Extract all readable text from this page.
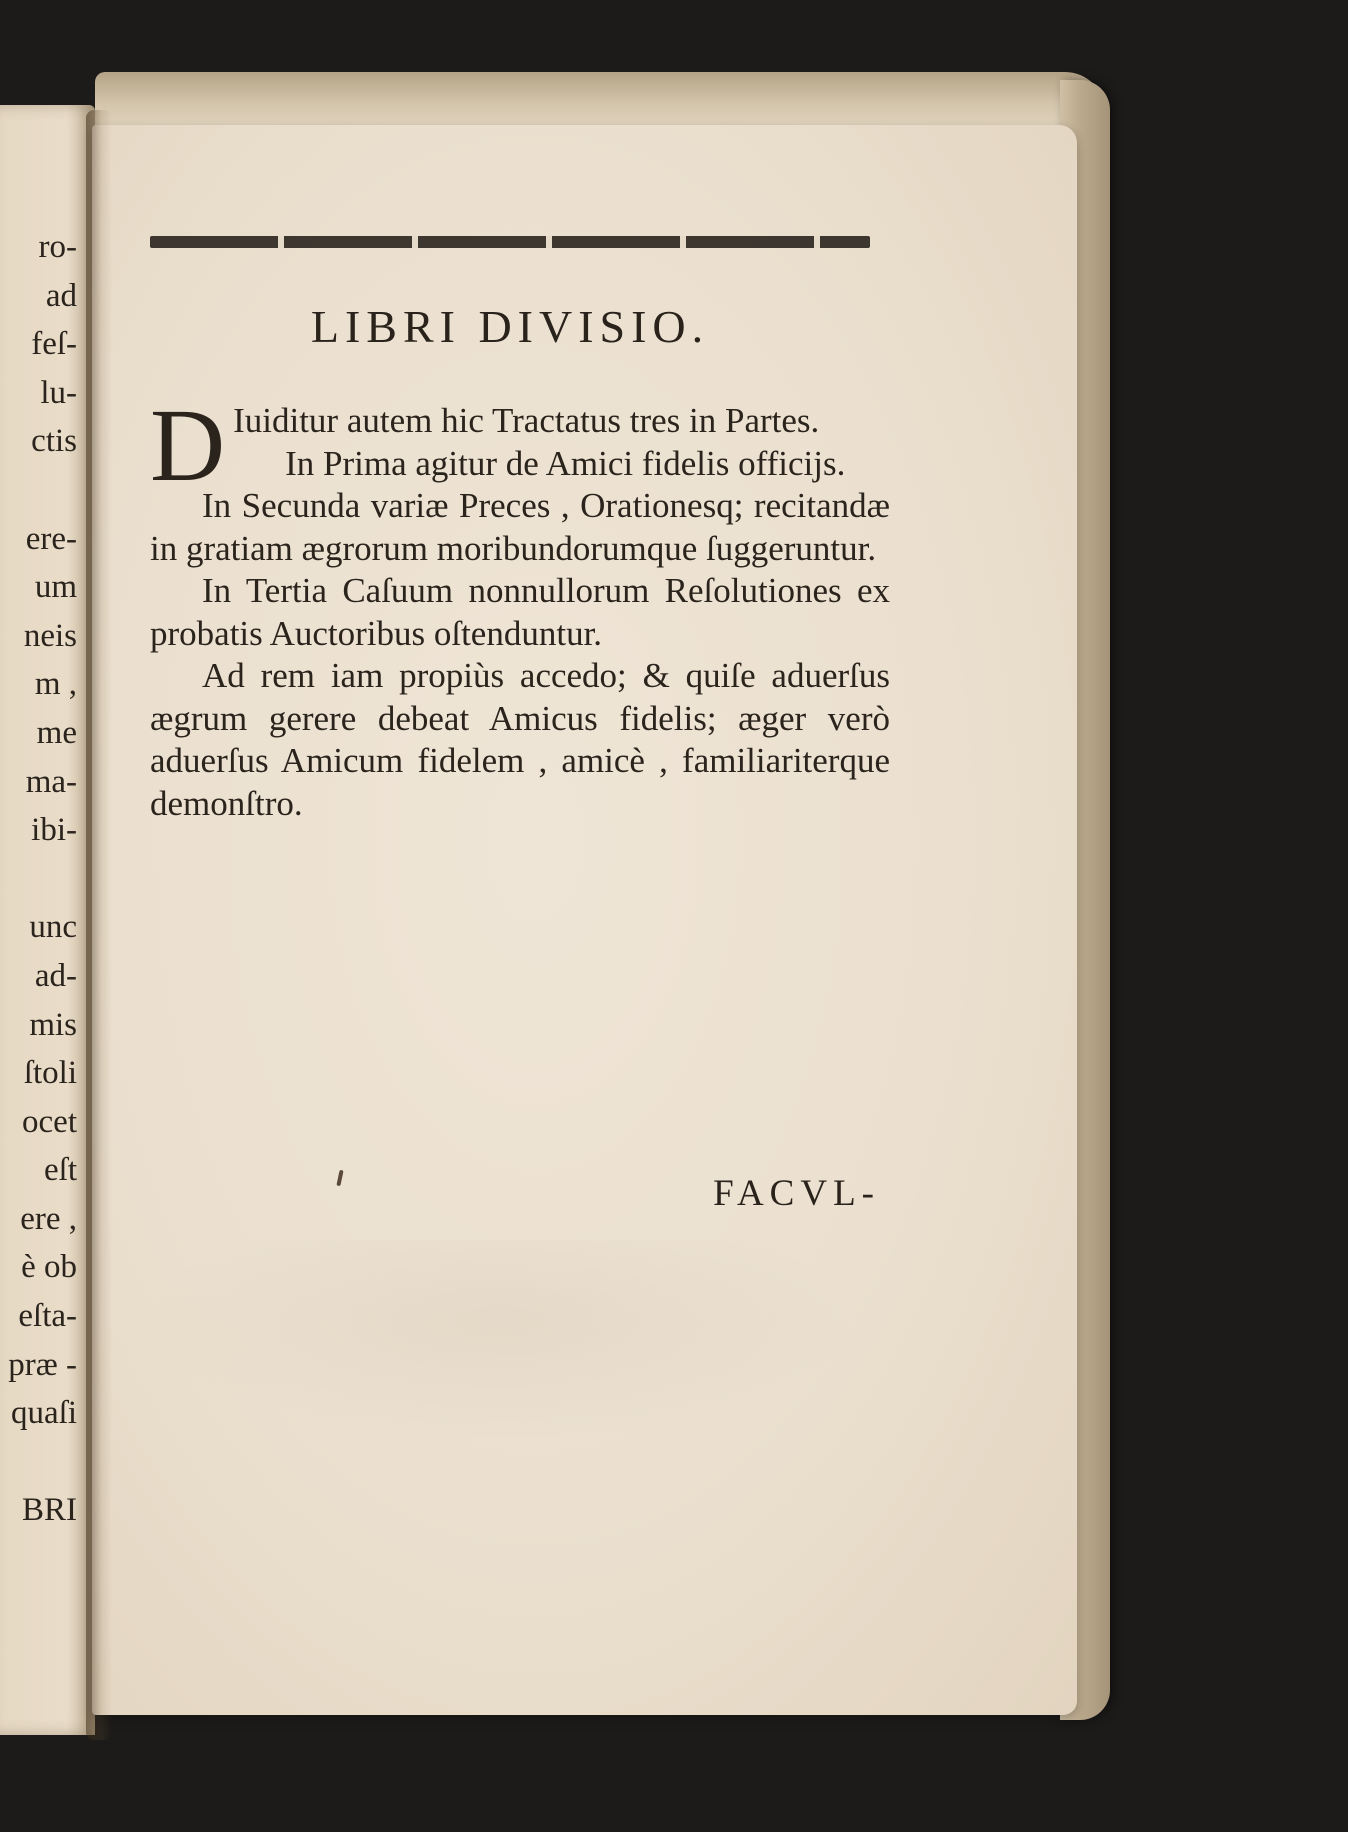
ro-
ad
feſ-
lu-
ctis
ere-
um
neis
m ,
me
ma-
ibi-
unc
ad-
mis
ſtoli
ocet
eſt
ere ,
è ob
eſta-
præ -
quaſi
BRI
LIBRI DIVISIO.

D Iuiditur autem hic Tractatus tres in Partes.

In Prima agitur de Amici fidelis officijs.

In Secunda variæ Preces , Orationesq; recitandæ in gratiam ægrorum moribundorumque ſuggeruntur.

In Tertia Caſuum nonnullorum Reſolutiones ex probatis Auctoribus oſtenduntur.

Ad rem iam propiùs accedo; & quiſe aduerſus ægrum gerere debeat Amicus fidelis; æger verò aduerſus Amicum fidelem , amicè , familiariterque demonſtro.

FACVL-
